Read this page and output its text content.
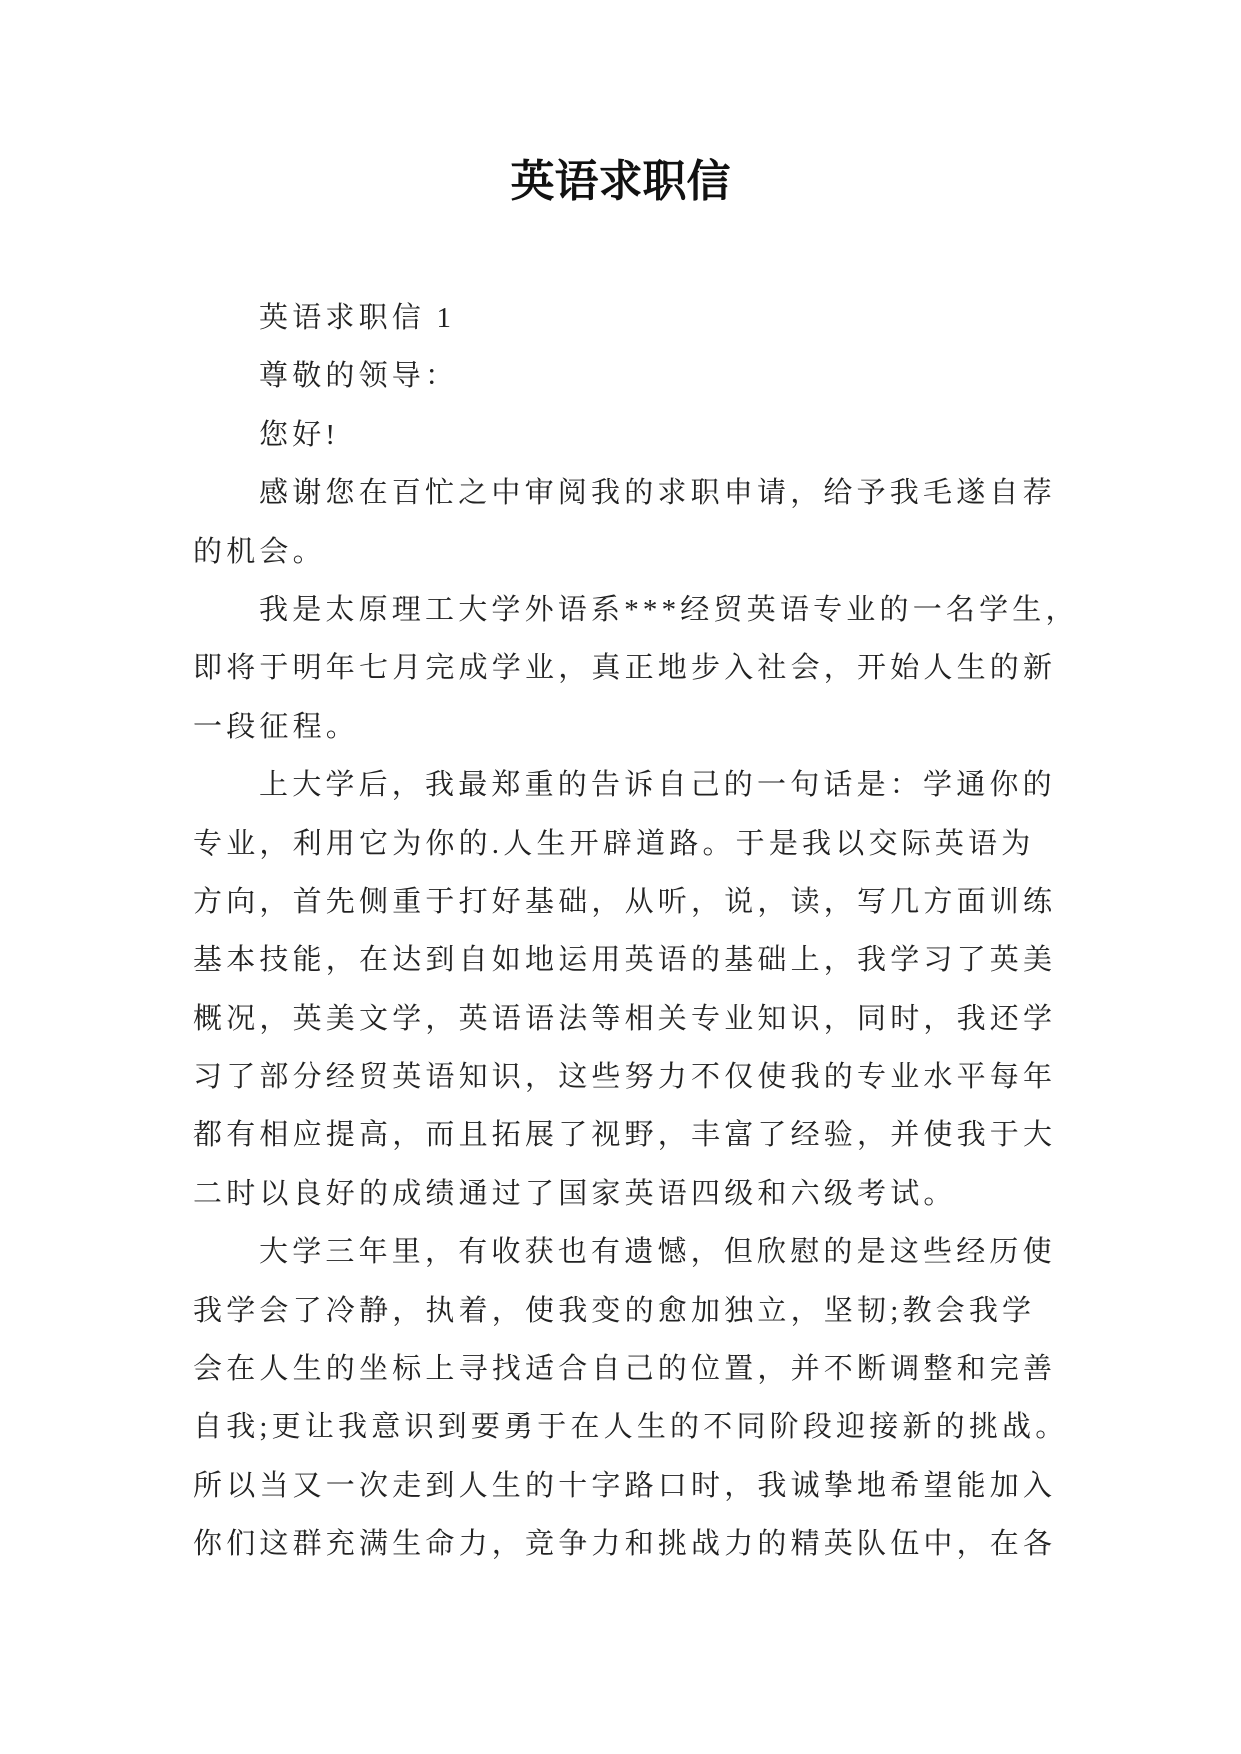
英语求职信
英语求职信 1
尊敬的领导：
您好!
感谢您在百忙之中审阅我的求职申请，给予我毛遂自荐
的机会。
我是太原理工大学外语系***经贸英语专业的一名学生，
即将于明年七月完成学业，真正地步入社会，开始人生的新
一段征程。
上大学后，我最郑重的告诉自己的一句话是：学通你的
专业，利用它为你的.人生开辟道路。于是我以交际英语为
方向，首先侧重于打好基础，从听，说，读，写几方面训练
基本技能，在达到自如地运用英语的基础上，我学习了英美
概况，英美文学，英语语法等相关专业知识，同时，我还学
习了部分经贸英语知识，这些努力不仅使我的专业水平每年
都有相应提高，而且拓展了视野，丰富了经验，并使我于大
二时以良好的成绩通过了国家英语四级和六级考试。
大学三年里，有收获也有遗憾，但欣慰的是这些经历使
我学会了冷静，执着，使我变的愈加独立，坚韧;教会我学
会在人生的坐标上寻找适合自己的位置，并不断调整和完善
自我;更让我意识到要勇于在人生的不同阶段迎接新的挑战。
所以当又一次走到人生的十字路口时，我诚挚地希望能加入
你们这群充满生命力，竞争力和挑战力的精英队伍中，在各
